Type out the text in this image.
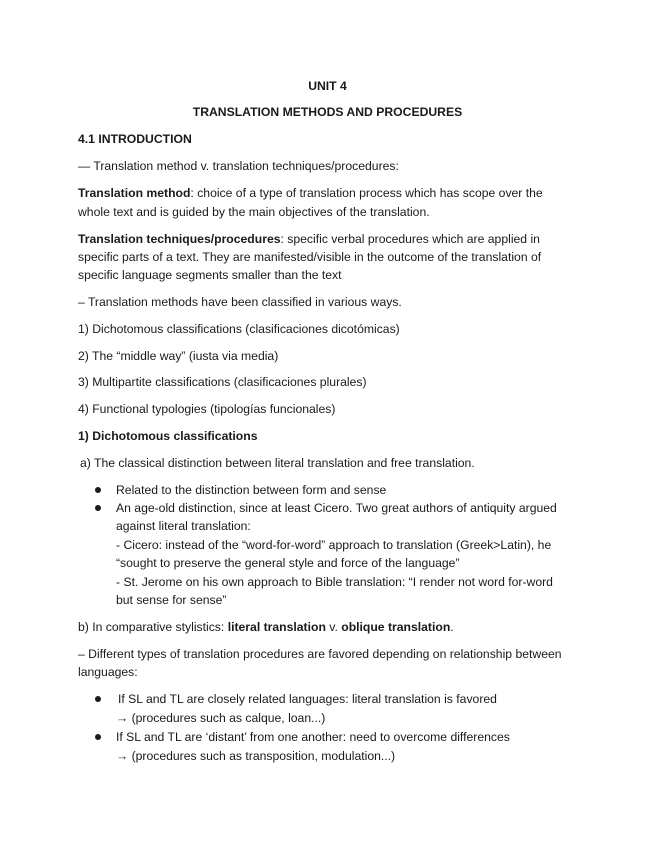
UNIT 4
TRANSLATION METHODS AND PROCEDURES
4.1 INTRODUCTION
— Translation method v. translation techniques/procedures:
Translation method: choice of a type of translation process which has scope over the
whole text and is guided by the main objectives of the translation.
Translation techniques/procedures: specific verbal procedures which are applied in
specific parts of a text. They are manifested/visible in the outcome of the translation of
specific language segments smaller than the text
– Translation methods have been classified in various ways.
1) Dichotomous classifications (clasificaciones dicotómicas)
2) The “middle way” (iusta via media)
3) Multipartite classifications (clasificaciones plurales)
4) Functional typologies (tipologías funcionales)
1) Dichotomous classifications
a) The classical distinction between literal translation and free translation.
Related to the distinction between form and sense
An age-old distinction, since at least Cicero. Two great authors of antiquity argued
against literal translation:
- Cicero: instead of the “word-for-word” approach to translation (Greek>Latin), he
“sought to preserve the general style and force of the language”
- St. Jerome on his own approach to Bible translation: “I render not word for-word
but sense for sense”
b) In comparative stylistics: literal translation v. oblique translation.
– Different types of translation procedures are favored depending on relationship between
languages:
If SL and TL are closely related languages: literal translation is favored
→ (procedures such as calque, loan...)
If SL and TL are ‘distant’ from one another: need to overcome differences
→ (procedures such as transposition, modulation...)
